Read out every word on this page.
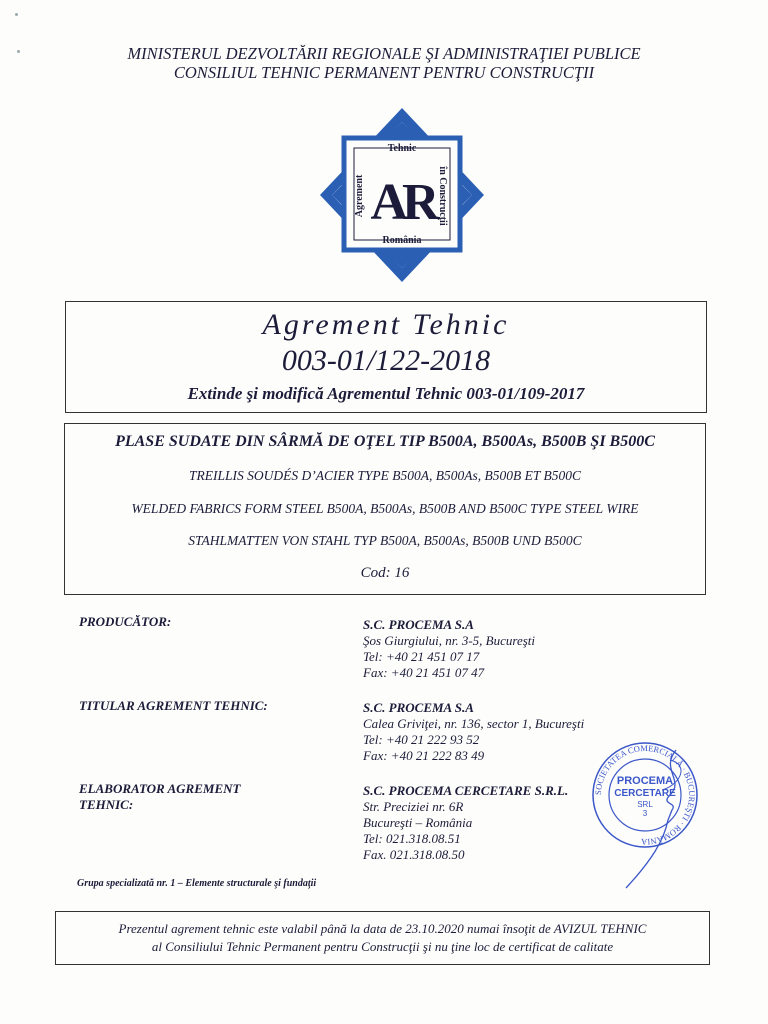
MINISTERUL DEZVOLTĂRII REGIONALE ŞI ADMINISTRAŢIEI PUBLICE
CONSILIUL TEHNIC PERMANENT PENTRU CONSTRUCŢII
Tehnic
România
Agrement	în Construcţii
AR
Agrement Tehnic
003-01/122-2018
Extinde şi modifică Agrementul Tehnic 003-01/109-2017
PLASE SUDATE DIN SÂRMĂ DE OŢEL TIP B500A, B500As, B500B ŞI B500C
TREILLIS SOUDÉS D’ACIER TYPE B500A, B500As, B500B ET B500C
WELDED FABRICS FORM STEEL B500A, B500As, B500B AND B500C TYPE STEEL WIRE
STAHLMATTEN VON STAHL TYP B500A, B500As, B500B UND B500C
Cod: 16
PRODUCĂTOR:	S.C. PROCEMA S.A
Şos Giurgiului, nr. 3-5, Bucureşti
Tel: +40 21 451 07 17
Fax: +40 21 451 07 47
TITULAR AGREMENT TEHNIC:	S.C. PROCEMA S.A
Calea Griviţei, nr. 136, sector 1, Bucureşti
Tel: +40 21 222 93 52
Fax: +40 21 222 83 49
ELABORATOR AGREMENT
TEHNIC:
S.C. PROCEMA CERCETARE S.R.L.
Str. Preciziei nr. 6R
Bucureşti – România
Tel: 021.318.08.51
Fax. 021.318.08.50
SOCIETATEA COMERCIALĂ · BUCUREŞTI · ROMÂNIA
PROCEMA
CERCETARE
SRL
3
Grupa specializată nr. 1 – Elemente structurale şi fundaţii
Prezentul agrement tehnic este valabil până la data de 23.10.2020 numai însoţit de AVIZUL TEHNIC
al Consiliului Tehnic Permanent pentru Construcţii şi nu ţine loc de certificat de calitate
